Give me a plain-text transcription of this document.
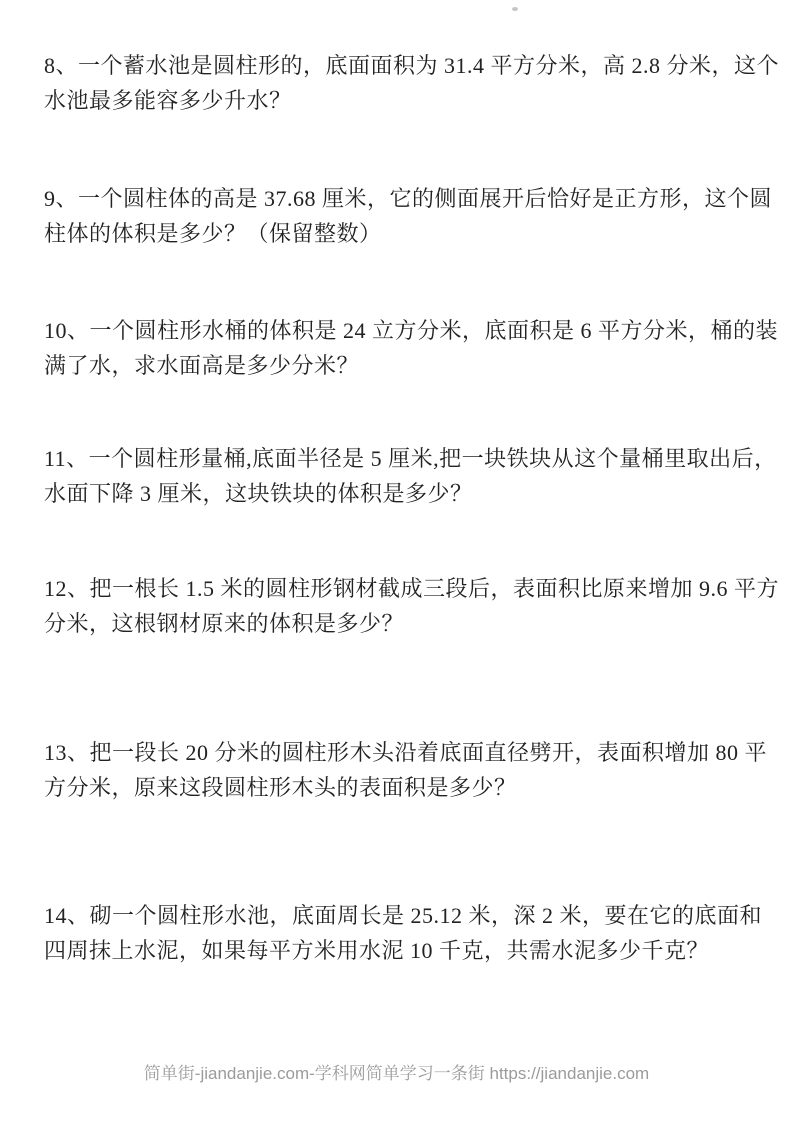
8、一个蓄水池是圆柱形的，底面面积为 31.4 平方分米，高 2.8 分米，这个
水池最多能容多少升水？
9、一个圆柱体的高是 37.68 厘米，它的侧面展开后恰好是正方形，这个圆
柱体的体积是多少？（保留整数）
10、一个圆柱形水桶的体积是 24 立方分米，底面积是 6 平方分米，桶的装
满了水，求水面高是多少分米？
11、一个圆柱形量桶,底面半径是 5 厘米,把一块铁块从这个量桶里取出后，
水面下降 3 厘米，这块铁块的体积是多少？
12、把一根长 1.5 米的圆柱形钢材截成三段后，表面积比原来增加 9.6 平方
分米，这根钢材原来的体积是多少？
13、把一段长 20 分米的圆柱形木头沿着底面直径劈开，表面积增加 80 平
方分米，原来这段圆柱形木头的表面积是多少？
14、砌一个圆柱形水池，底面周长是 25.12 米，深 2 米，要在它的底面和
四周抹上水泥，如果每平方米用水泥 10 千克，共需水泥多少千克？
简单街-jiandanjie.com-学科网简单学习一条街 https://jiandanjie.com
